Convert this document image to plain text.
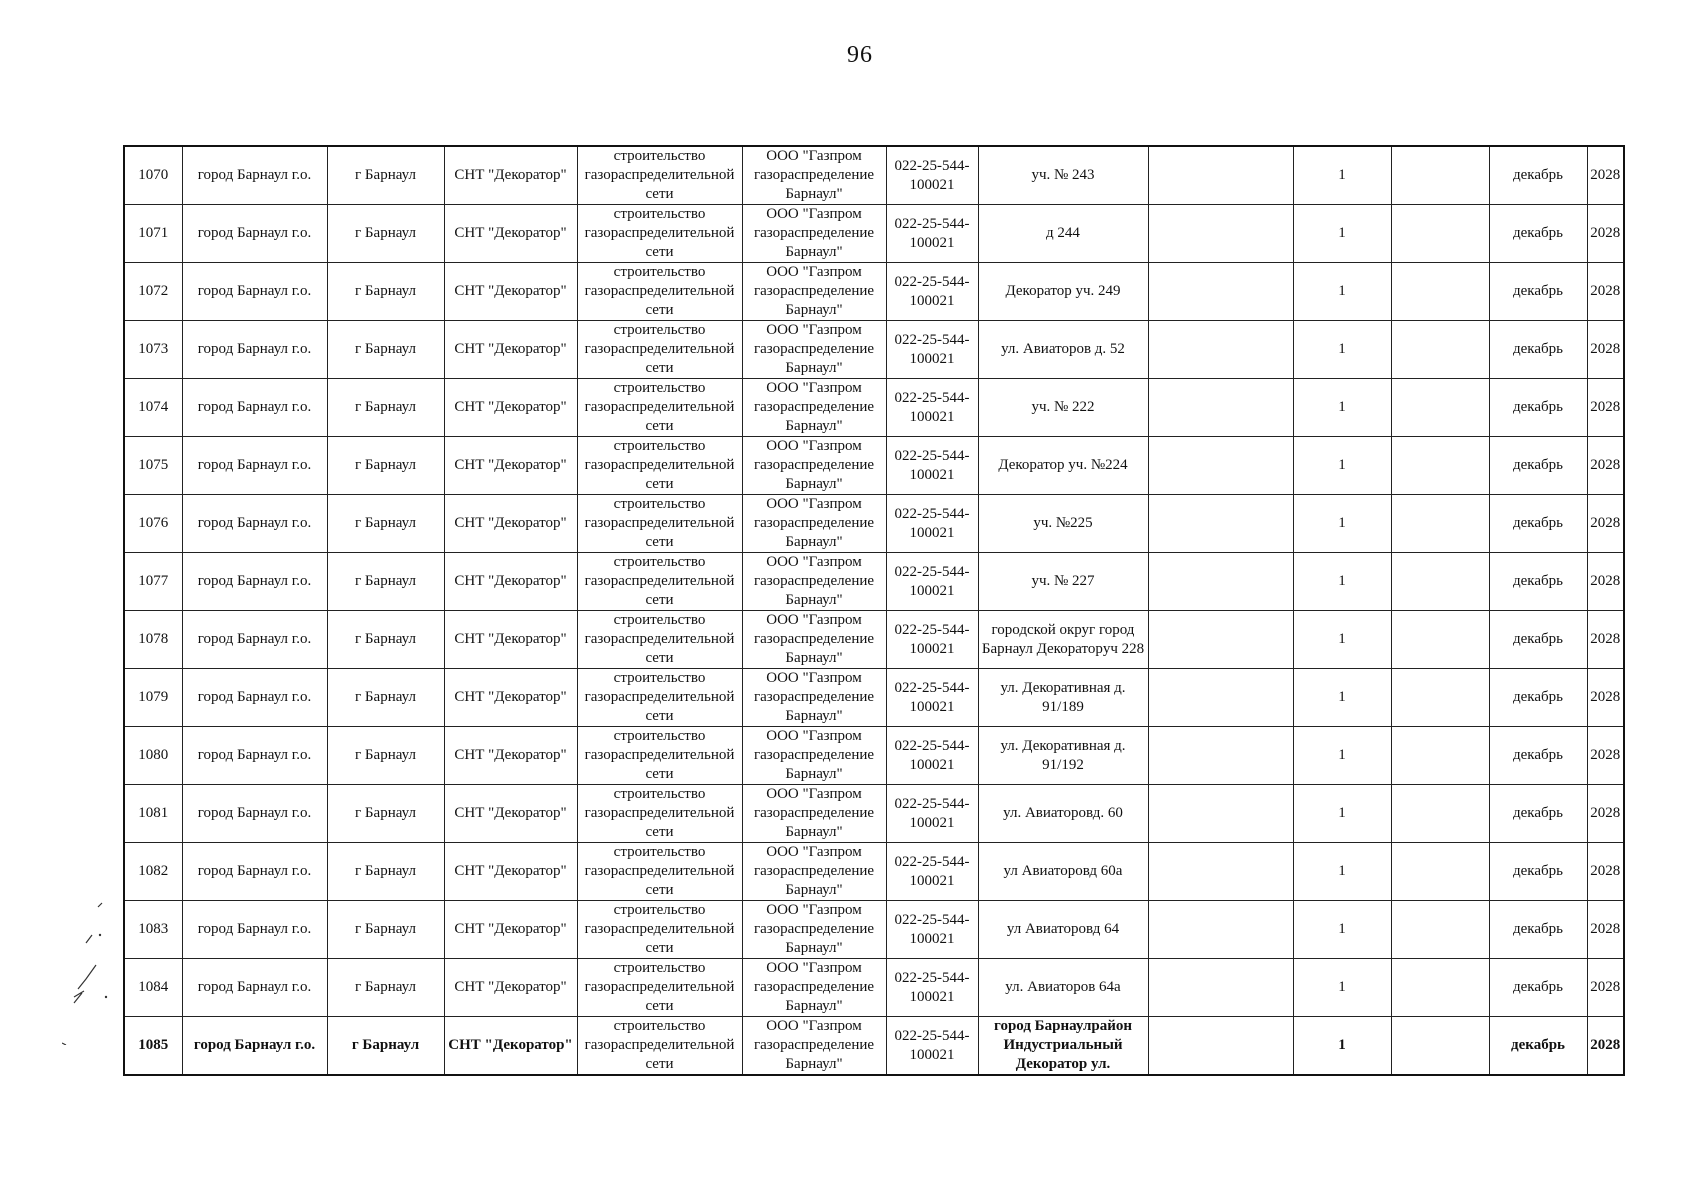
96
1070	город Барнаул г.о.	г Барнаул	СНТ "Декоратор"	строительство газораспределительной сети	ООО "Газпром газораспределение Барнаул"	022-25-544-100021	уч. № 243		1		декабрь	2028
1071	город Барнаул г.о.	г Барнаул	СНТ "Декоратор"	строительство газораспределительной сети	ООО "Газпром газораспределение Барнаул"	022-25-544-100021	д 244		1		декабрь	2028
1072	город Барнаул г.о.	г Барнаул	СНТ "Декоратор"	строительство газораспределительной сети	ООО "Газпром газораспределение Барнаул"	022-25-544-100021	Декоратор уч. 249		1		декабрь	2028
1073	город Барнаул г.о.	г Барнаул	СНТ "Декоратор"	строительство газораспределительной сети	ООО "Газпром газораспределение Барнаул"	022-25-544-100021	ул. Авиаторов д. 52		1		декабрь	2028
1074	город Барнаул г.о.	г Барнаул	СНТ "Декоратор"	строительство газораспределительной сети	ООО "Газпром газораспределение Барнаул"	022-25-544-100021	уч. № 222		1		декабрь	2028
1075	город Барнаул г.о.	г Барнаул	СНТ "Декоратор"	строительство газораспределительной сети	ООО "Газпром газораспределение Барнаул"	022-25-544-100021	Декоратор уч. №224		1		декабрь	2028
1076	город Барнаул г.о.	г Барнаул	СНТ "Декоратор"	строительство газораспределительной сети	ООО "Газпром газораспределение Барнаул"	022-25-544-100021	уч. №225		1		декабрь	2028
1077	город Барнаул г.о.	г Барнаул	СНТ "Декоратор"	строительство газораспределительной сети	ООО "Газпром газораспределение Барнаул"	022-25-544-100021	уч. № 227		1		декабрь	2028
1078	город Барнаул г.о.	г Барнаул	СНТ "Декоратор"	строительство газораспределительной сети	ООО "Газпром газораспределение Барнаул"	022-25-544-100021	городской округ город Барнаул Декоратоpуч 228		1		декабрь	2028
1079	город Барнаул г.о.	г Барнаул	СНТ "Декоратор"	строительство газораспределительной сети	ООО "Газпром газораспределение Барнаул"	022-25-544-100021	ул. Декоративная д. 91/189		1		декабрь	2028
1080	город Барнаул г.о.	г Барнаул	СНТ "Декоратор"	строительство газораспределительной сети	ООО "Газпром газораспределение Барнаул"	022-25-544-100021	ул. Декоративная д. 91/192		1		декабрь	2028
1081	город Барнаул г.о.	г Барнаул	СНТ "Декоратор"	строительство газораспределительной сети	ООО "Газпром газораспределение Барнаул"	022-25-544-100021	ул. Авиаторовд. 60		1		декабрь	2028
1082	город Барнаул г.о.	г Барнаул	СНТ "Декоратор"	строительство газораспределительной сети	ООО "Газпром газораспределение Барнаул"	022-25-544-100021	ул Авиаторовд 60а		1		декабрь	2028
1083	город Барнаул г.о.	г Барнаул	СНТ "Декоратор"	строительство газораспределительной сети	ООО "Газпром газораспределение Барнаул"	022-25-544-100021	ул Авиаторовд 64		1		декабрь	2028
1084	город Барнаул г.о.	г Барнаул	СНТ "Декоратор"	строительство газораспределительной сети	ООО "Газпром газораспределение Барнаул"	022-25-544-100021	ул. Авиаторов 64а		1		декабрь	2028
1085	город Барнаул г.о.	г Барнаул	СНТ "Декоратор"	строительство газораспределительной сети	ООО "Газпром газораспределение Барнаул"	022-25-544-100021	город Барнаулрайон Индустриальный Декоратор ул.		1		декабрь	2028
